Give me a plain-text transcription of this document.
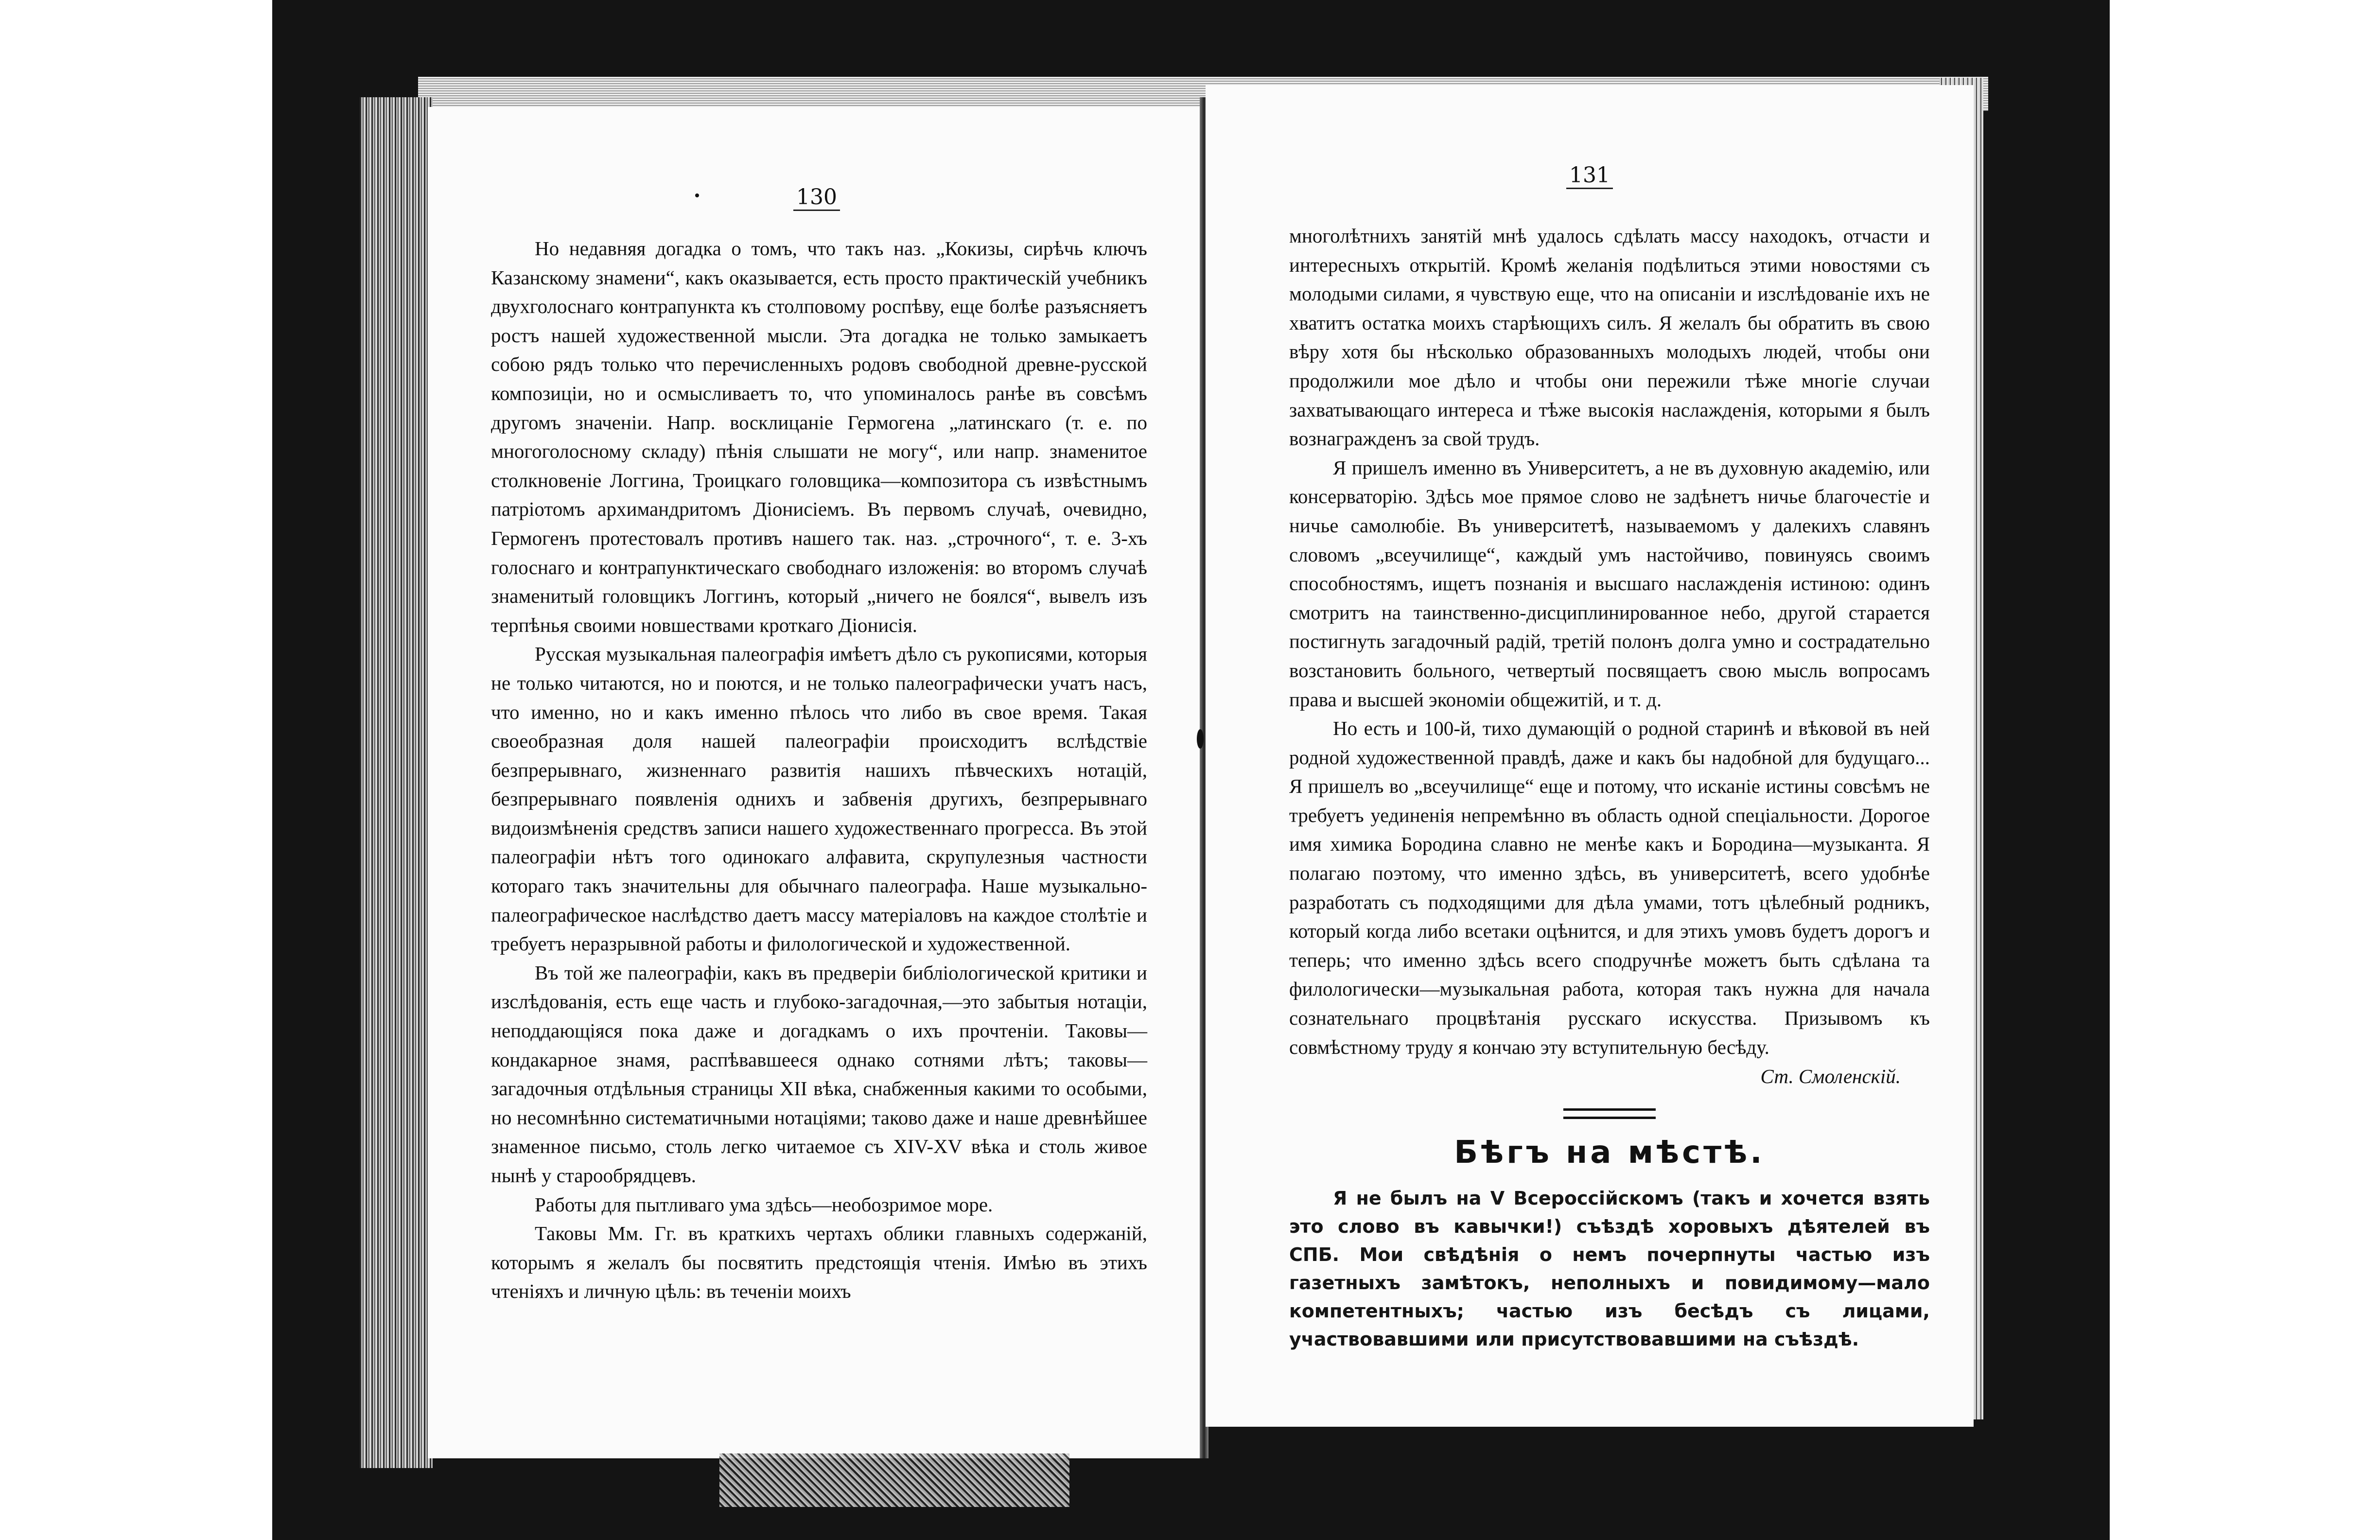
130

Но недавняя догадка о томъ, что такъ наз. „Кокизы, сирѣчь ключъ Казанскому знамени“, какъ оказывается, есть просто практическій учебникъ двухголоснаго контрапункта къ столповому роспѣву, еще болѣе разъясняетъ ростъ нашей художественной мысли. Эта догадка не только замыкаетъ собою рядъ только что перечисленныхъ родовъ свободной древне-русской композиціи, но и осмысливаетъ то, что упоминалось ранѣе въ совсѣмъ другомъ значеніи. Напр. восклицаніе Гермогена „латинскаго (т. е. по многоголосному складу) пѣнія слышати не могу“, или напр. знаменитое столкновеніе Логгина, Троицкаго головщика—композитора съ извѣстнымъ патріотомъ архимандритомъ Діонисіемъ. Въ первомъ случаѣ, очевидно, Гермогенъ протестовалъ противъ нашего так. наз. „строчного“, т. е. 3-хъ голоснаго и контрапунктическаго свободнаго изложенія: во второмъ случаѣ знаменитый головщикъ Логгинъ, который „ничего не боялся“, вывелъ изъ терпѣнья своими новшествами кроткаго Діонисія.

Русская музыкальная палеографія имѣетъ дѣло съ рукописями, которыя не только читаются, но и поются, и не только палеографически учатъ насъ, что именно, но и какъ именно пѣлось что либо въ свое время. Такая своеобразная доля нашей палеографіи происходитъ вслѣдствіе безпрерывнаго, жизненнаго развитія нашихъ пѣвческихъ нотацій, безпрерывнаго появленія однихъ и забвенія другихъ, безпрерывнаго видоизмѣненія средствъ записи нашего художественнаго прогресса. Въ этой палеографіи нѣтъ того одинокаго алфавита, скрупулезныя частности котораго такъ значительны для обычнаго палеографа. Наше музыкально-палеографическое наслѣдство даетъ массу матеріаловъ на каждое столѣтіе и требуетъ неразрывной работы и филологической и художественной.

Въ той же палеографіи, какъ въ предверіи библіологической критики и изслѣдованія, есть еще часть и глубоко-загадочная,—это забытыя нотаціи, неподдающіяся пока даже и догадкамъ о ихъ прочтеніи. Таковы—кондакарное знамя, распѣвавшееся однако сотнями лѣтъ; таковы—загадочныя отдѣльныя страницы XII вѣка, снабженныя какими то особыми, но несомнѣнно систематичными нотаціями; таково даже и наше древнѣйшее знаменное письмо, столь легко читаемое съ XIV-XV вѣка и столь живое нынѣ у старообрядцевъ.

Работы для пытливаго ума здѣсь—необозримое море.

Таковы Мм. Гг. въ краткихъ чертахъ облики главныхъ содержаній, которымъ я желалъ бы посвятить предстоящія чтенія. Имѣю въ этихъ чтеніяхъ и личную цѣль: въ теченіи моихъ

131

многолѣтнихъ занятій мнѣ удалось сдѣлать массу находокъ, отчасти и интересныхъ открытій. Кромѣ желанія подѣлиться этими новостями съ молодыми силами, я чувствую еще, что на описаніи и изслѣдованіе ихъ не хватитъ остатка моихъ старѣющихъ силъ. Я желалъ бы обратить въ свою вѣру хотя бы нѣсколько образованныхъ молодыхъ людей, чтобы они продолжили мое дѣло и чтобы они пережили тѣже многіе случаи захватывающаго интереса и тѣже высокія наслажденія, которыми я былъ вознагражденъ за свой трудъ.

Я пришелъ именно въ Университетъ, а не въ духовную академію, или консерваторію. Здѣсь мое прямое слово не задѣнетъ ничье благочестіе и ничье самолюбіе. Въ университетѣ, называемомъ у далекихъ славянъ словомъ „всеучилище“, каждый умъ настойчиво, повинуясь своимъ способностямъ, ищетъ познанія и высшаго наслажденія истиною: одинъ смотритъ на таинственно-дисциплинированное небо, другой старается постигнуть загадочный радій, третій полонъ долга умно и сострадательно возстановить больного, четвертый посвящаетъ свою мысль вопросамъ права и высшей экономіи общежитій, и т. д.

Но есть и 100-й, тихо думающій о родной старинѣ и вѣковой въ ней родной художественной правдѣ, даже и какъ бы надобной для будущаго... Я пришелъ во „всеучилище“ еще и потому, что исканіе истины совсѣмъ не требуетъ уединенія непремѣнно въ область одной спеціальности. Дорогое имя химика Бородина славно не менѣе какъ и Бородина—музыканта. Я полагаю поэтому, что именно здѣсь, въ университетѣ, всего удобнѣе разработать съ подходящими для дѣла умами, тотъ цѣлебный родникъ, который когда либо всетаки оцѣнится, и для этихъ умовъ будетъ дорогъ и теперь; что именно здѣсь всего сподручнѣе можетъ быть сдѣлана та филологически—музыкальная работа, которая такъ нужна для начала сознательнаго процвѣтанія русскаго искусства. Призывомъ къ совмѣстному труду я кончаю эту вступительную бесѣду.

Ст. Смоленскій.
Бѣгъ на мѣстѣ.

Я не былъ на V Всероссійскомъ (такъ и хочется взять это слово въ кавычки!) съѣздѣ хоровыхъ дѣятелей въ СПБ. Мои свѣдѣнія о немъ почерпнуты частью изъ газетныхъ замѣтокъ, неполныхъ и повидимому—мало компетентныхъ; частью изъ бесѣдъ съ лицами, участвовавшими или присутствовавшими на съѣздѣ.
